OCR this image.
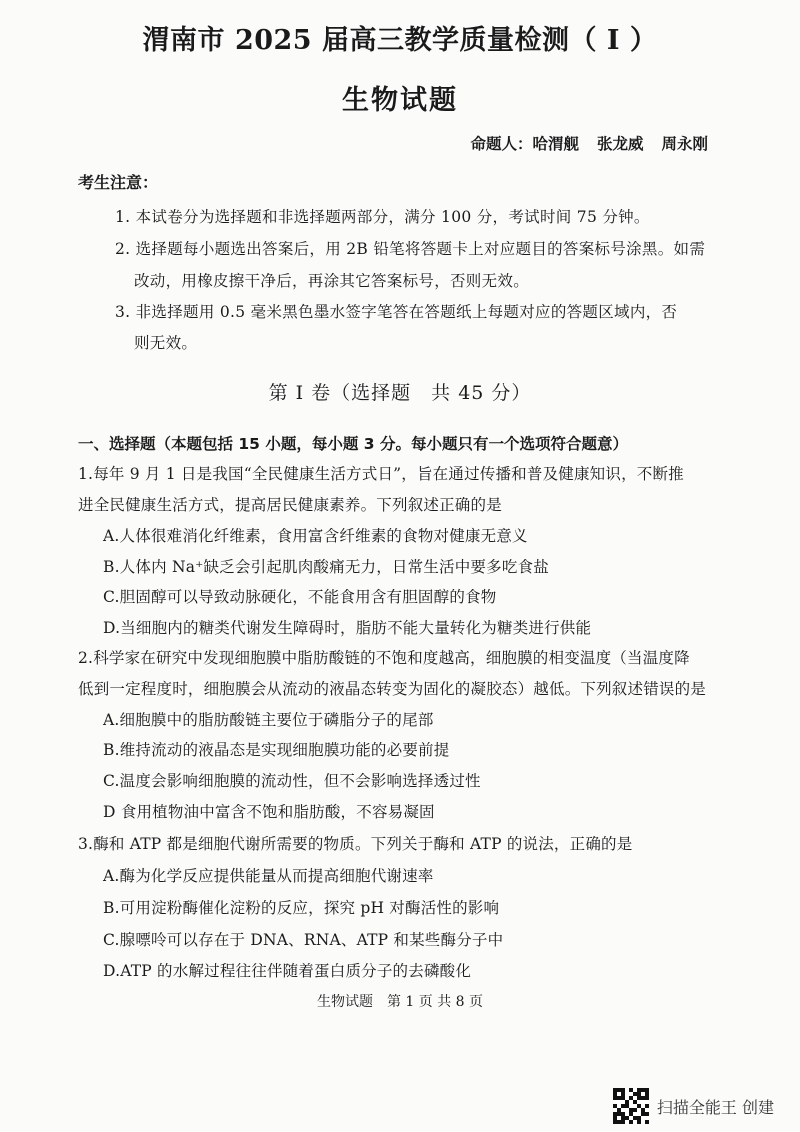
渭南市 2025 届高三教学质量检测（ I ）
生物试题
命题人：哈渭舰 张龙威 周永刚
考生注意：
1. 本试卷分为选择题和非选择题两部分，满分 100 分，考试时间 75 分钟。
2. 选择题每小题选出答案后，用 2B 铅笔将答题卡上对应题目的答案标号涂黑。如需
改动，用橡皮擦干净后，再涂其它答案标号，否则无效。
3. 非选择题用 0.5 毫米黑色墨水签字笔答在答题纸上每题对应的答题区域内，否
则无效。
第 I 卷（选择题　共 45 分）
一、选择题（本题包括 15 小题，每小题 3 分。每小题只有一个选项符合题意）
1.每年 9 月 1 日是我国“全民健康生活方式日”，旨在通过传播和普及健康知识，不断推
进全民健康生活方式，提高居民健康素养。下列叙述正确的是
A.人体很难消化纤维素，食用富含纤维素的食物对健康无意义
B.人体内 Na⁺缺乏会引起肌肉酸痛无力，日常生活中要多吃食盐
C.胆固醇可以导致动脉硬化，不能食用含有胆固醇的食物
D.当细胞内的糖类代谢发生障碍时，脂肪不能大量转化为糖类进行供能
2.科学家在研究中发现细胞膜中脂肪酸链的不饱和度越高，细胞膜的相变温度（当温度降
低到一定程度时，细胞膜会从流动的液晶态转变为固化的凝胶态）越低。下列叙述错误的是
A.细胞膜中的脂肪酸链主要位于磷脂分子的尾部
B.维持流动的液晶态是实现细胞膜功能的必要前提
C.温度会影响细胞膜的流动性，但不会影响选择透过性
D 食用植物油中富含不饱和脂肪酸，不容易凝固
3.酶和 ATP 都是细胞代谢所需要的物质。下列关于酶和 ATP 的说法，正确的是
A.酶为化学反应提供能量从而提高细胞代谢速率
B.可用淀粉酶催化淀粉的反应，探究 pH 对酶活性的影响
C.腺嘌呤可以存在于 DNA、RNA、ATP 和某些酶分子中
D.ATP 的水解过程往往伴随着蛋白质分子的去磷酸化
生物试题　第 1 页 共 8 页
扫描全能王 创建
